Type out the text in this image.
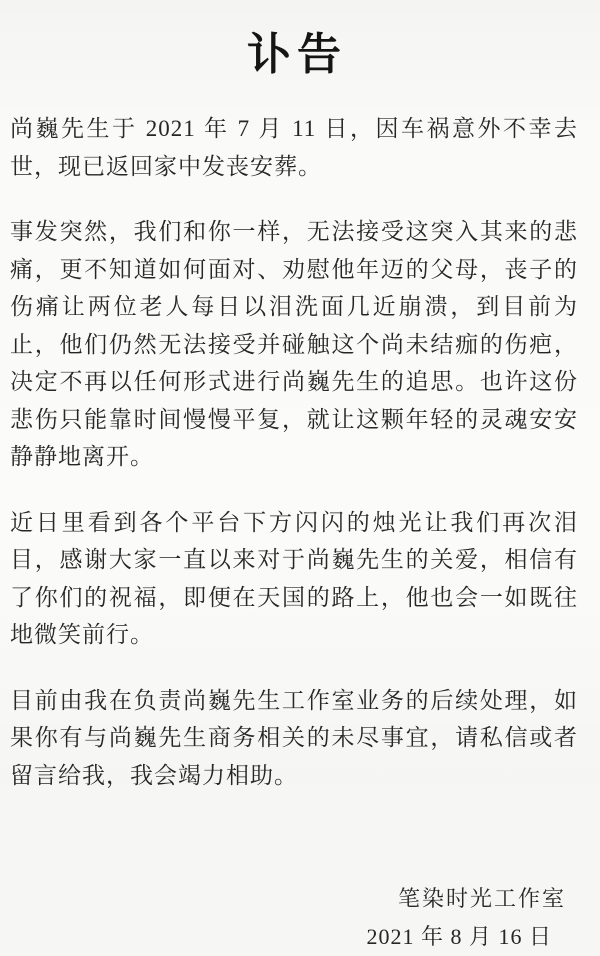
讣告

尚巍先生于 2021 年 7 月 11 日，因车祸意外不幸去世，现已返回家中发丧安葬。

事发突然，我们和你一样，无法接受这突入其来的悲痛，更不知道如何面对、劝慰他年迈的父母，丧子的伤痛让两位老人每日以泪洗面几近崩溃，到目前为止，他们仍然无法接受并碰触这个尚未结痂的伤疤，决定不再以任何形式进行尚巍先生的追思。也许这份悲伤只能靠时间慢慢平复，就让这颗年轻的灵魂安安静静地离开。

近日里看到各个平台下方闪闪的烛光让我们再次泪目，感谢大家一直以来对于尚巍先生的关爱，相信有了你们的祝福，即便在天国的路上，他也会一如既往地微笑前行。

目前由我在负责尚巍先生工作室业务的后续处理，如果你有与尚巍先生商务相关的未尽事宜，请私信或者留言给我，我会竭力相助。

笔染时光工作室
2021 年 8 月 16 日
